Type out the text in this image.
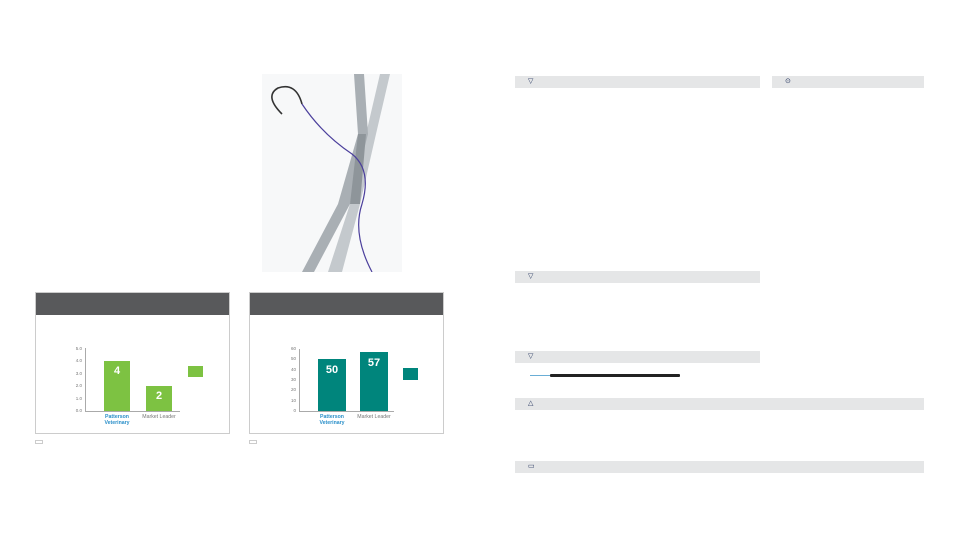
0.0
1.0
2.0
3.0
4.0
5.0
4
Patterson
Veterinary
2
Market Leader
0
10
20
30
40
50
60
50
Patterson
Veterinary
57
Market Leader
▽	⊙
▽
▽
△
▭
